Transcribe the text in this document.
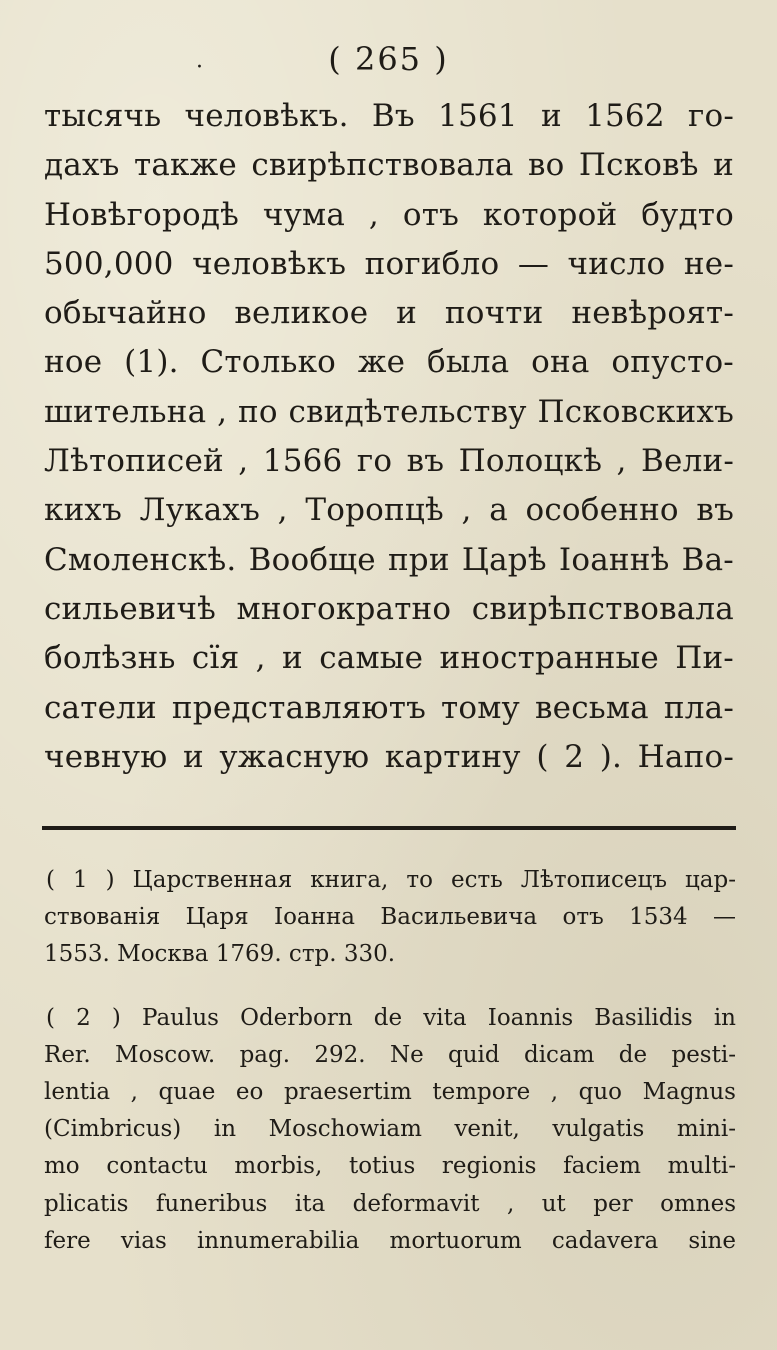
·	( 265 )
тысячь человѣкъ. Въ 1561 и 1562 го-
дахъ также свирѣпствовала во Псковѣ и
Новѣгородѣ чума , отъ которой будто
500,000 человѣкъ погибло — число не-
обычайно великое и почти невѣроят-
ное (1). Столько же была она опусто-
шительна , по свидѣтельству Псковскихъ
Лѣтописей , 1566 го въ Полоцкѣ , Вели-
кихъ Лукахъ , Торопцѣ , а особенно въ
Смоленскѣ. Вообще при Царѣ Іоаннѣ Ва-
сильевичѣ многократно свирѣпствовала
болѣзнь сїя , и самые иностранные Пи-
сатели представляютъ тому весьма пла-
чевную и ужасную картину ( 2 ). Напо-
( 1 ) Царственная книга, то есть Лѣтописецъ цар-
ствованія Царя Іоанна Васильевича отъ 1534 —
1553. Москва 1769. стр. 330.
( 2 ) Paulus Oderborn de vita Ioannis Basilidis in
Rer. Moscow. pag. 292. Ne quid dicam de pesti-
lentia , quae eo praesertim tempore , quo Magnus
(Cimbricus) in Moschowiam venit, vulgatis mini-
mo contactu morbis, totius regionis faciem multi-
plicatis funeribus ita deformavit , ut per omnes
fere vias innumerabilia mortuorum cadavera sine
